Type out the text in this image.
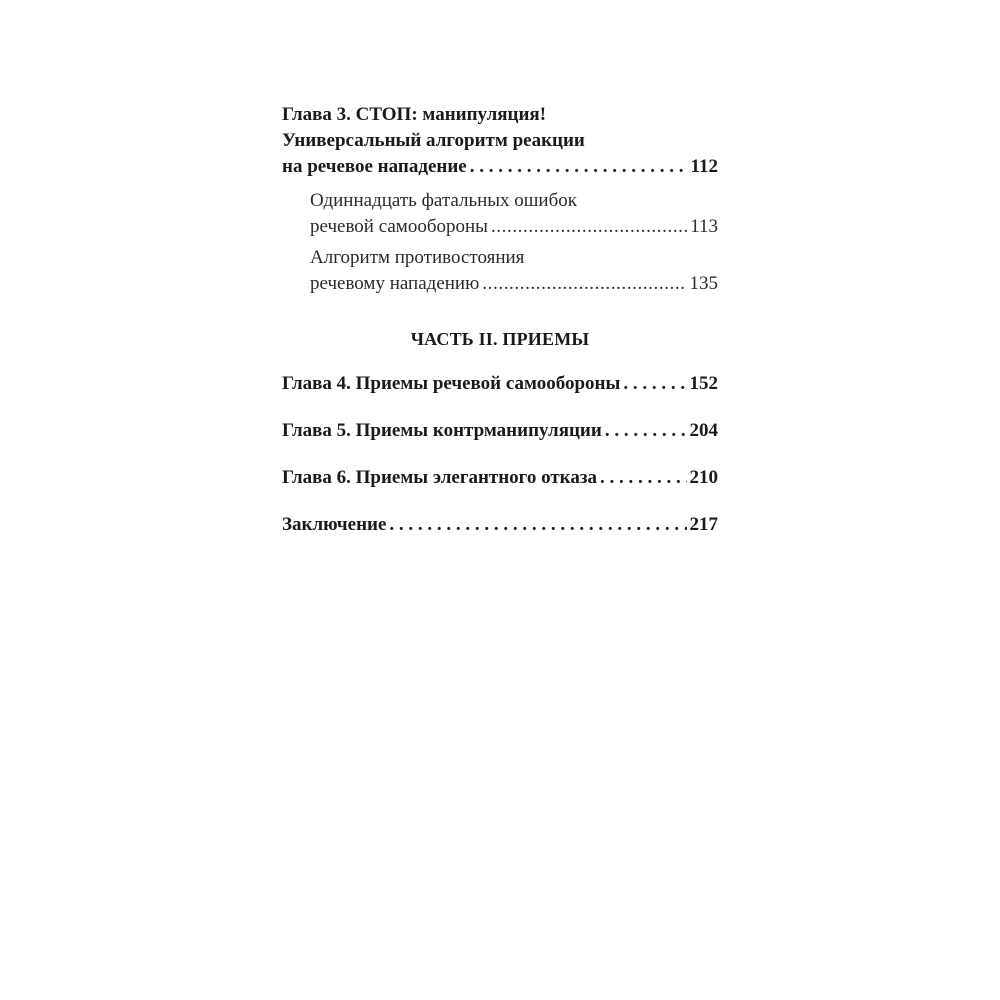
Глава 3. СТОП: манипуляция!
Универсальный алгоритм реакции
на речевое нападение . . .	112
Одиннадцать фатальных ошибок
речевой самообороны .....	113
Алгоритм противостояния
речевому нападению .....	135
ЧАСТЬ II. ПРИЕМЫ
Глава 4. Приемы речевой самообороны . . .	152
Глава 5. Приемы контрманипуляции . . .	204
Глава 6. Приемы элегантного отказа . . .	210
Заключение . . .	217
